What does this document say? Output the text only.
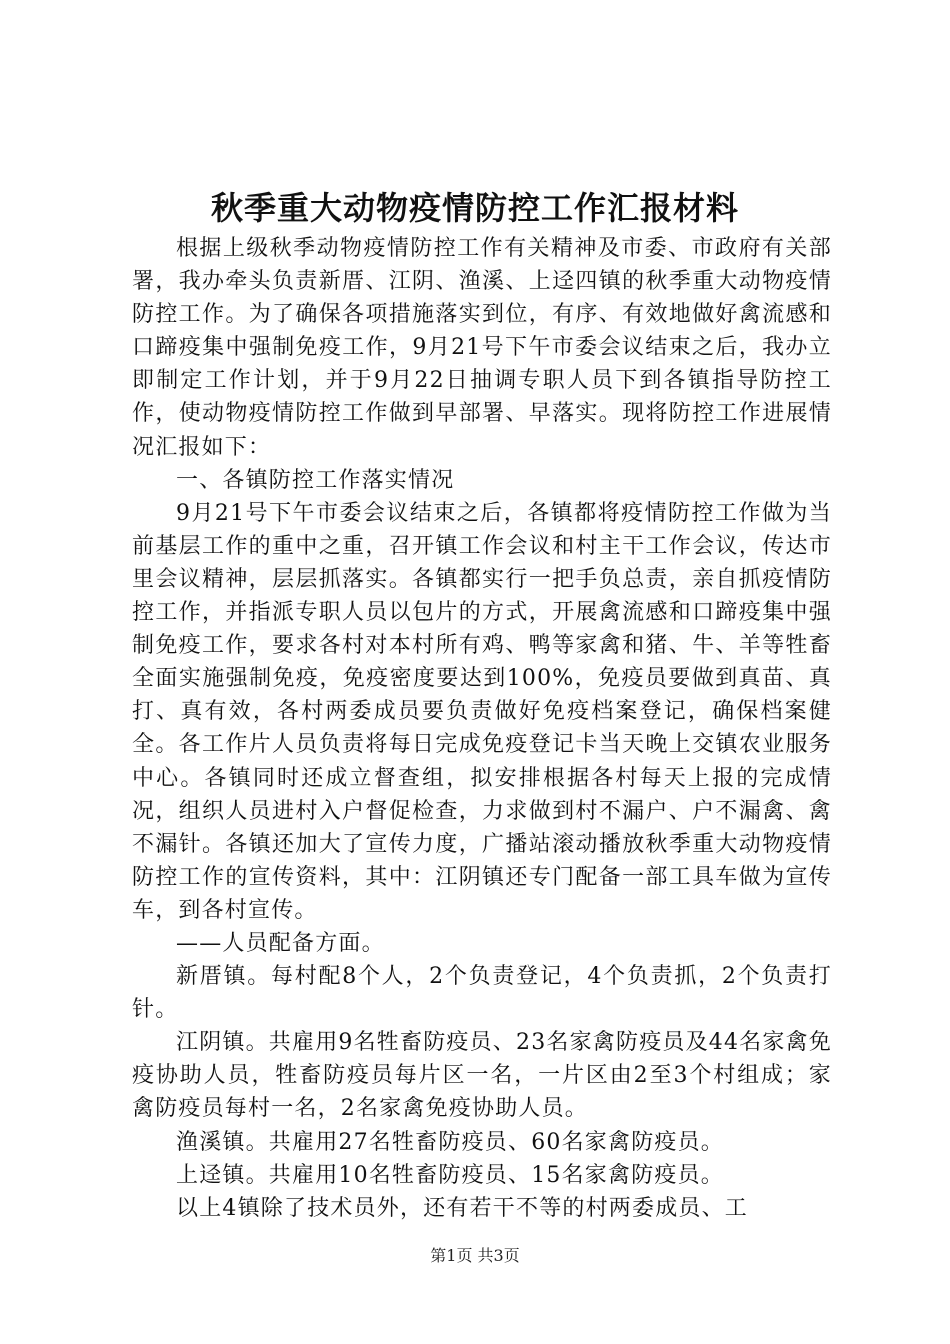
秋季重大动物疫情防控工作汇报材料

根据上级秋季动物疫情防控工作有关精神及市委、市政府有关部署，我办牵头负责新厝、江阴、渔溪、上迳四镇的秋季重大动物疫情防控工作。为了确保各项措施落实到位，有序、有效地做好禽流感和口蹄疫集中强制免疫工作，9月21号下午市委会议结束之后，我办立即制定工作计划，并于9月22日抽调专职人员下到各镇指导防控工作，使动物疫情防控工作做到早部署、早落实。现将防控工作进展情况汇报如下：

一、各镇防控工作落实情况

9月21号下午市委会议结束之后，各镇都将疫情防控工作做为当前基层工作的重中之重，召开镇工作会议和村主干工作会议，传达市里会议精神，层层抓落实。各镇都实行一把手负总责，亲自抓疫情防控工作，并指派专职人员以包片的方式，开展禽流感和口蹄疫集中强制免疫工作，要求各村对本村所有鸡、鸭等家禽和猪、牛、羊等牲畜全面实施强制免疫，免疫密度要达到100%，免疫员要做到真苗、真打、真有效，各村两委成员要负责做好免疫档案登记，确保档案健全。各工作片人员负责将每日完成免疫登记卡当天晚上交镇农业服务中心。各镇同时还成立督查组，拟安排根据各村每天上报的完成情况，组织人员进村入户督促检查，力求做到村不漏户、户不漏禽、禽不漏针。各镇还加大了宣传力度，广播站滚动播放秋季重大动物疫情防控工作的宣传资料，其中：江阴镇还专门配备一部工具车做为宣传车，到各村宣传。

——人员配备方面。

新厝镇。每村配8个人，2个负责登记，4个负责抓，2个负责打针。

江阴镇。共雇用9名牲畜防疫员、23名家禽防疫员及44名家禽免疫协助人员，牲畜防疫员每片区一名，一片区由2至3个村组成；家禽防疫员每村一名，2名家禽免疫协助人员。

渔溪镇。共雇用27名牲畜防疫员、60名家禽防疫员。

上迳镇。共雇用10名牲畜防疫员、15名家禽防疫员。

以上4镇除了技术员外，还有若干不等的村两委成员、工

第1页 共3页
